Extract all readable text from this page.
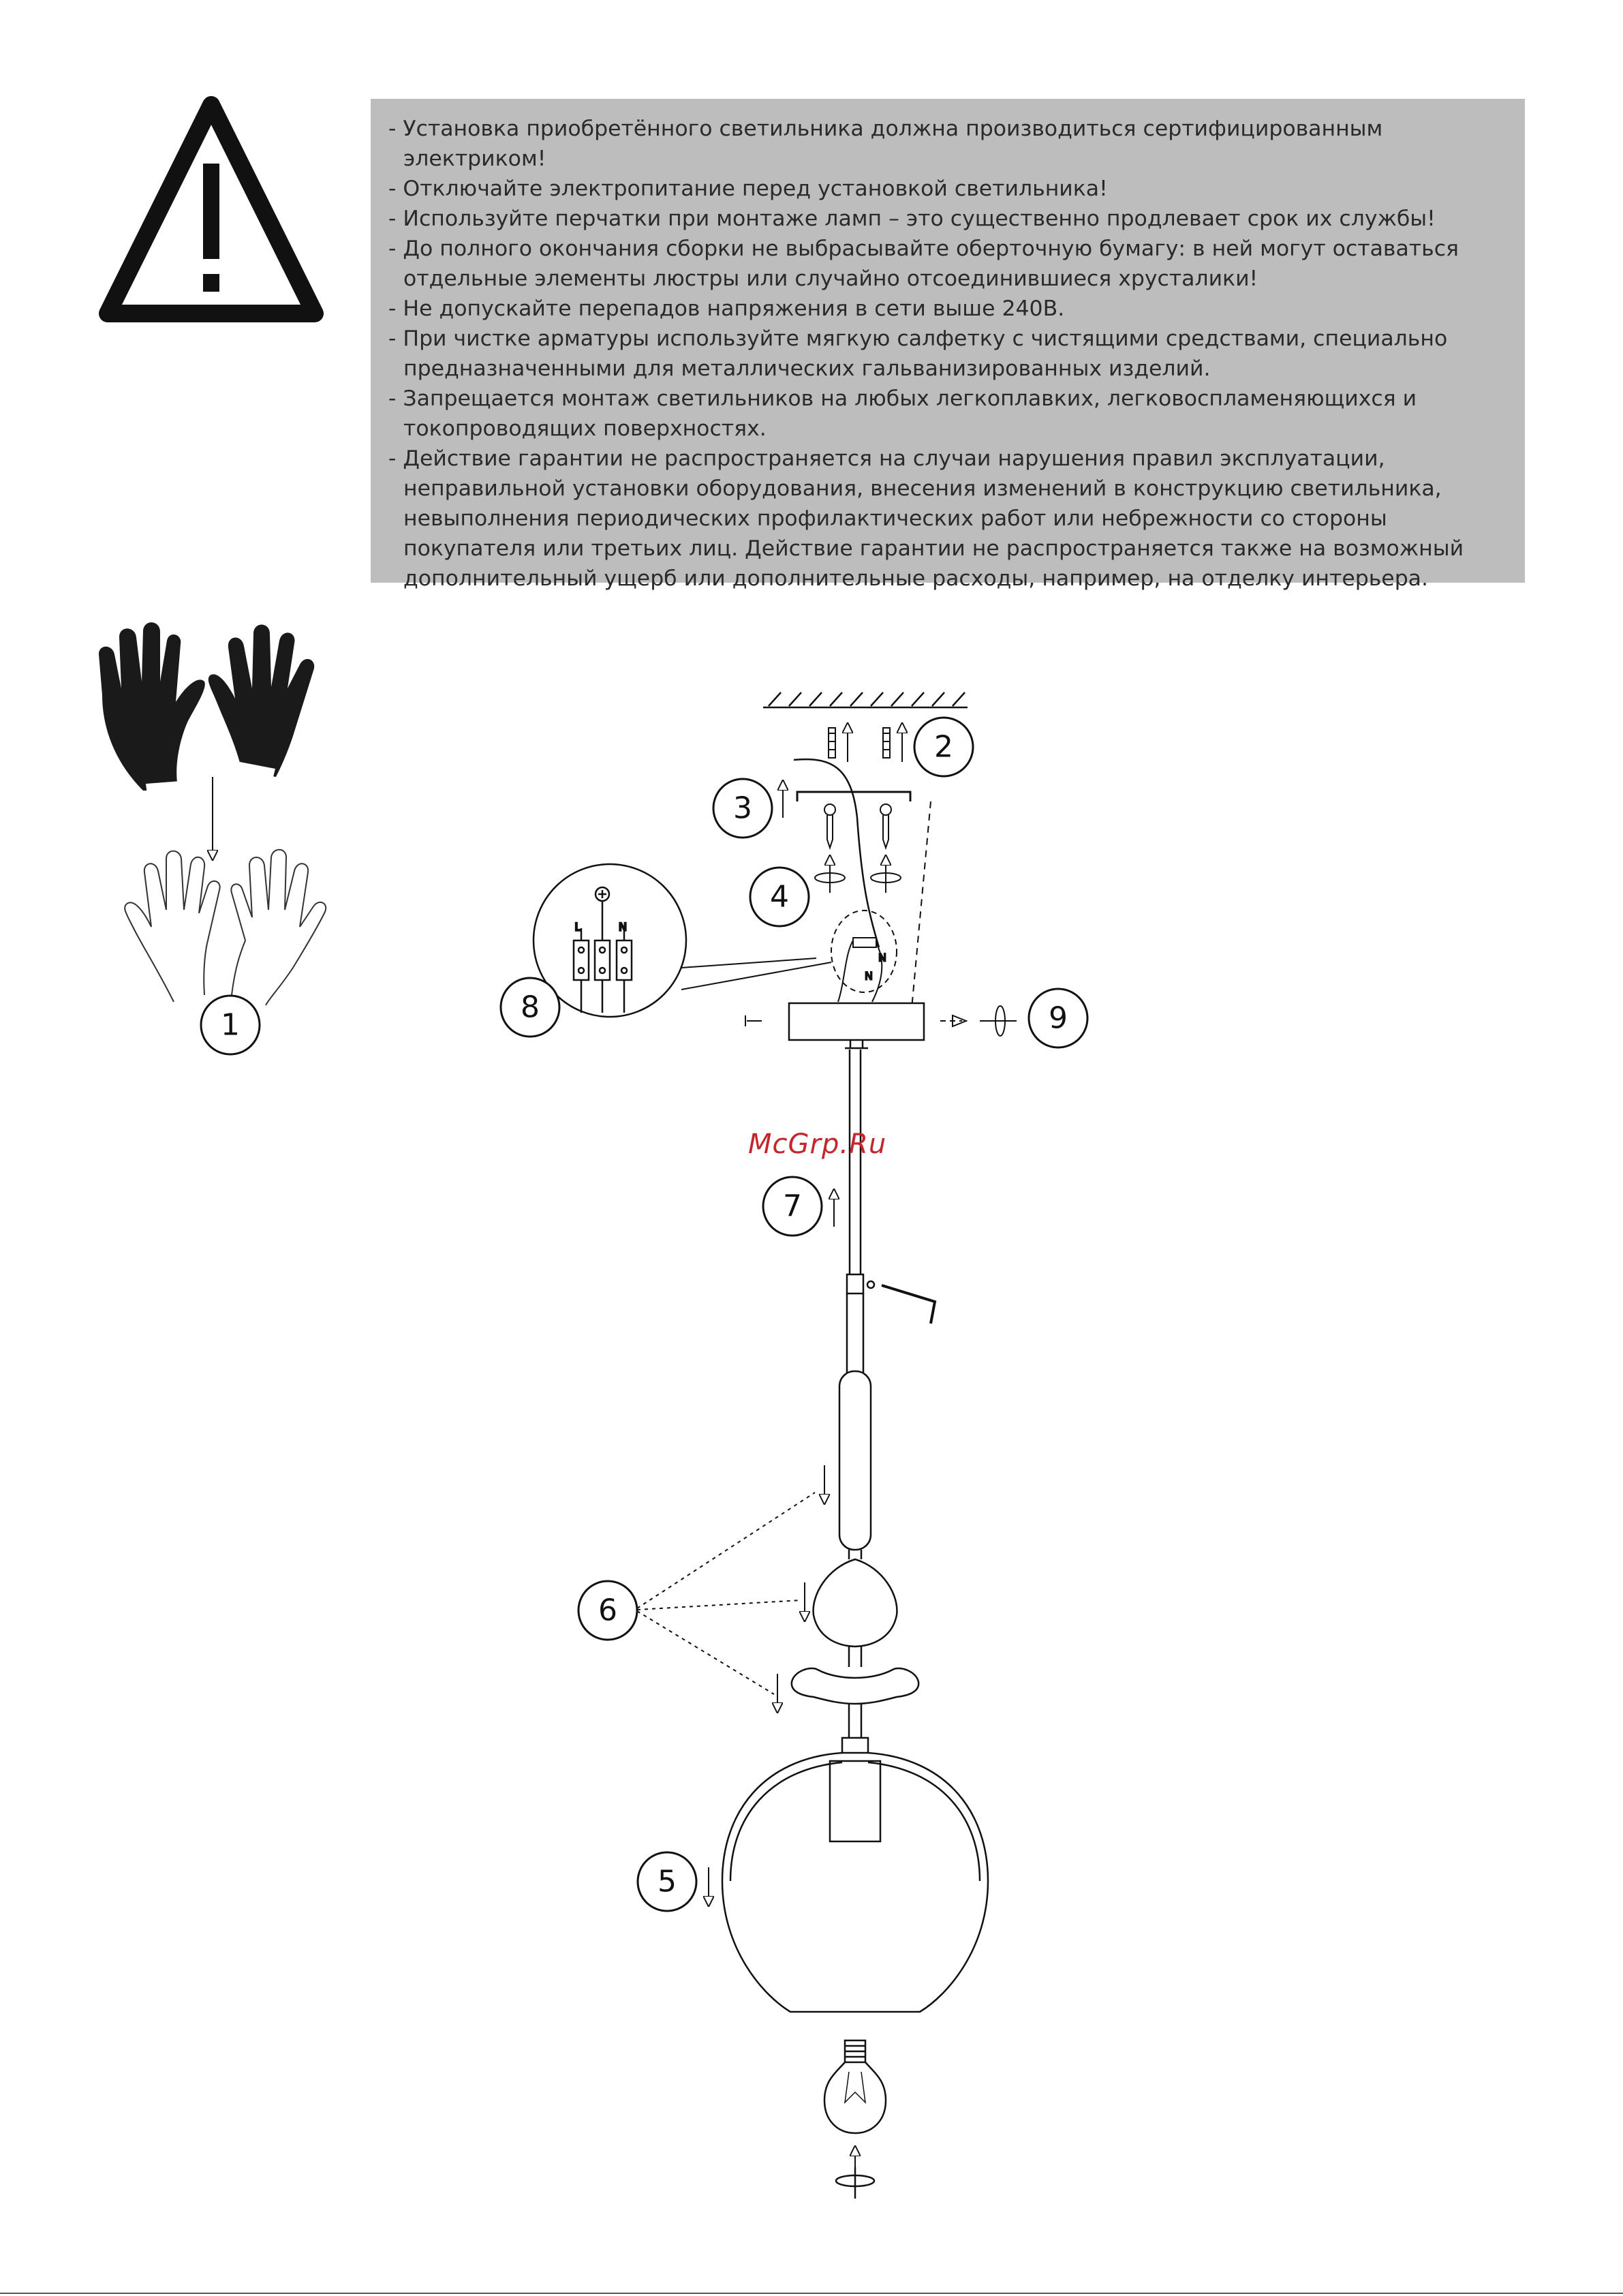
- Установка приобретённого светильника должна производиться сертифицированным электриком!
- Отключайте электропитание перед установкой светильника!
- Используйте перчатки при монтаже ламп – это существенно продлевает срок их службы!
- До полного окончания сборки не выбрасывайте оберточную бумагу: в ней могут оставаться отдельные элементы люстры или случайно отсоединившиеся хрусталики!
- Не допускайте перепадов напряжения в сети выше 240В.
- При чистке арматуры используйте мягкую салфетку с чистящими средствами, специально предназначенными для металлических гальванизированных изделий.
- Запрещается монтаж светильников на любых легкоплавких, легковоспламеняющихся и токопроводящих поверхностях.
- Действие гарантии не распространяется на случаи нарушения правил эксплуатации, неправильной установки оборудования, внесения изменений в конструкцию светильника, невыполнения периодических профилактических работ или небрежности со стороны покупателя или третьих лиц. Действие гарантии не распространяется также на возможный дополнительный ущерб или дополнительные расходы, например, на отделку интерьера.
1
2
3
4
N
N
L	N
8	9
7
6
5
McGrp.Ru
